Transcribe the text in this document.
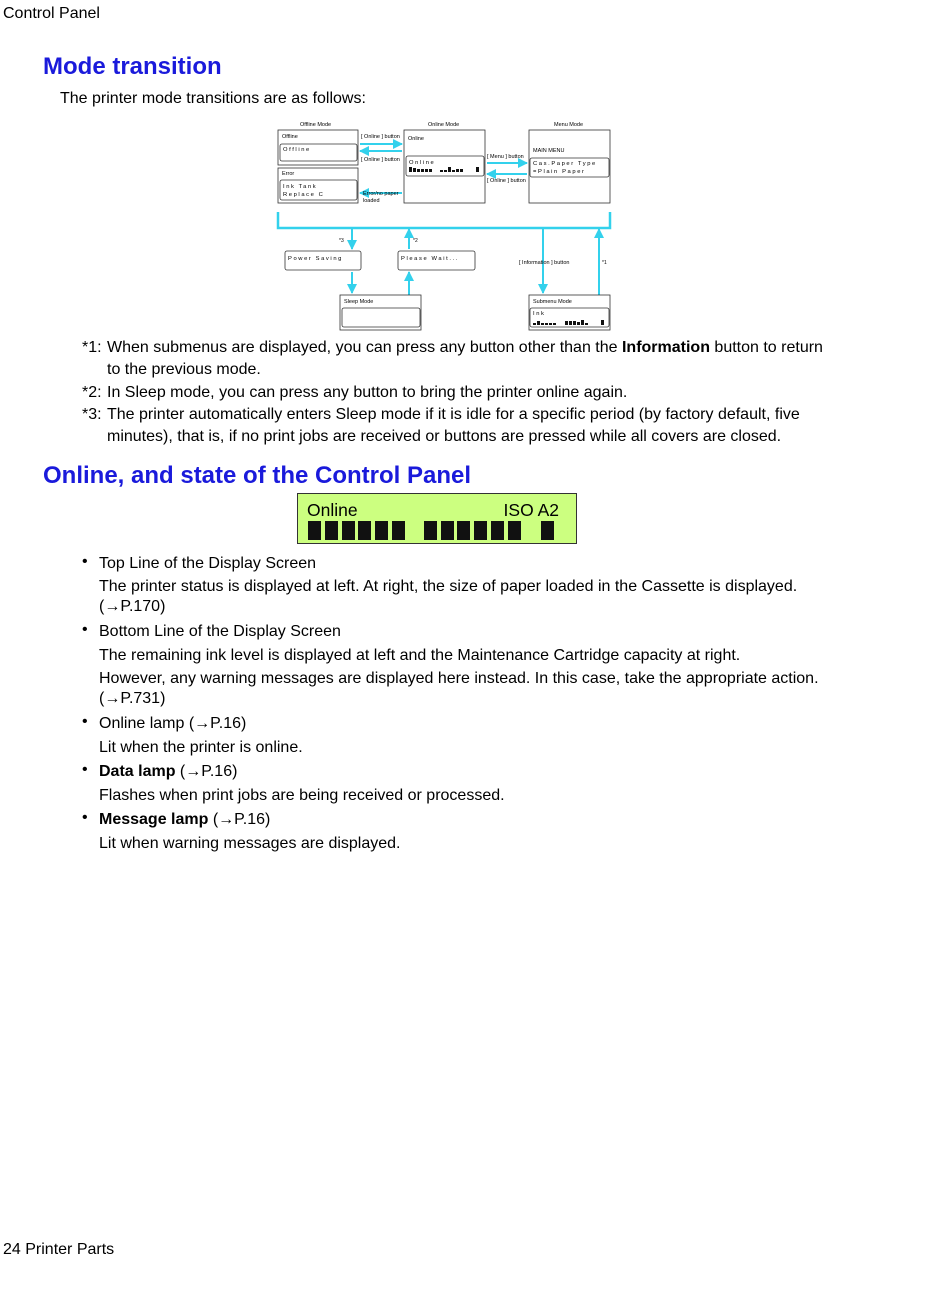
Control Panel
Mode transition
The printer mode transitions are as follows:
Offline Mode	Online Mode	Menu Mode
Offline
Offline
Error
Ink Tank
Replace C
Online
Online
MAIN MENU
Cas.Paper Type
=Plain Paper
[ Online ] button
[ Online ] button
Error/no paper
loaded
[ Menu ] button
[ Online ] button
*3	*2
[ Information ] button	*1
Power Saving	Please Wait...
Sleep Mode	Submenu Mode
Ink
*1: When submenus are displayed, you can press any button other than the Information button to return
to the previous mode.
*2: In Sleep mode, you can press any button to bring the printer online again.
*3: The printer automatically enters Sleep mode if it is idle for a specific period (by factory default, five
minutes), that is, if no print jobs are received or buttons are pressed while all covers are closed.
Online, and state of the Control Panel
Online	ISO A2
• Top Line of the Display Screen
The printer status is displayed at left. At right, the size of paper loaded in the Cassette is displayed.
(→P.170)
• Bottom Line of the Display Screen
The remaining ink level is displayed at left and the Maintenance Cartridge capacity at right.
However, any warning messages are displayed here instead. In this case, take the appropriate action.
(→P.731)
• Online lamp (→P.16)
Lit when the printer is online.
• Data lamp (→P.16)
Flashes when print jobs are being received or processed.
• Message lamp (→P.16)
Lit when warning messages are displayed.
24 Printer Parts
